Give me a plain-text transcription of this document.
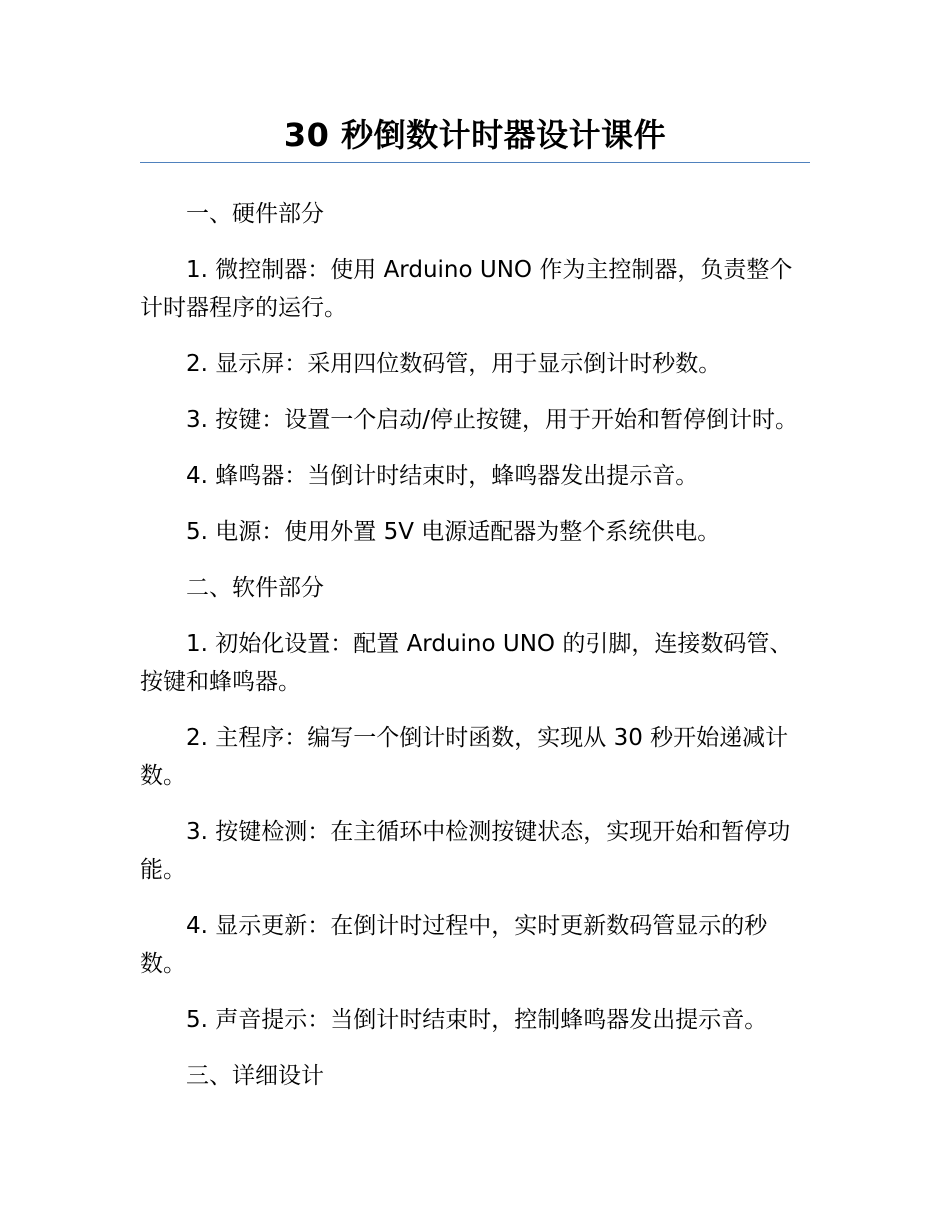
30 秒倒数计时器设计课件

一、硬件部分

1. 微控制器：使用 Arduino UNO 作为主控制器，负责整个计时器程序的运行。

2. 显示屏：采用四位数码管，用于显示倒计时秒数。

3. 按键：设置一个启动/停止按键，用于开始和暂停倒计时。

4. 蜂鸣器：当倒计时结束时，蜂鸣器发出提示音。

5. 电源：使用外置 5V 电源适配器为整个系统供电。

二、软件部分

1. 初始化设置：配置 Arduino UNO 的引脚，连接数码管、按键和蜂鸣器。

2. 主程序：编写一个倒计时函数，实现从 30 秒开始递减计数。

3. 按键检测：在主循环中检测按键状态，实现开始和暂停功能。

4. 显示更新：在倒计时过程中，实时更新数码管显示的秒数。

5. 声音提示：当倒计时结束时，控制蜂鸣器发出提示音。

三、详细设计
